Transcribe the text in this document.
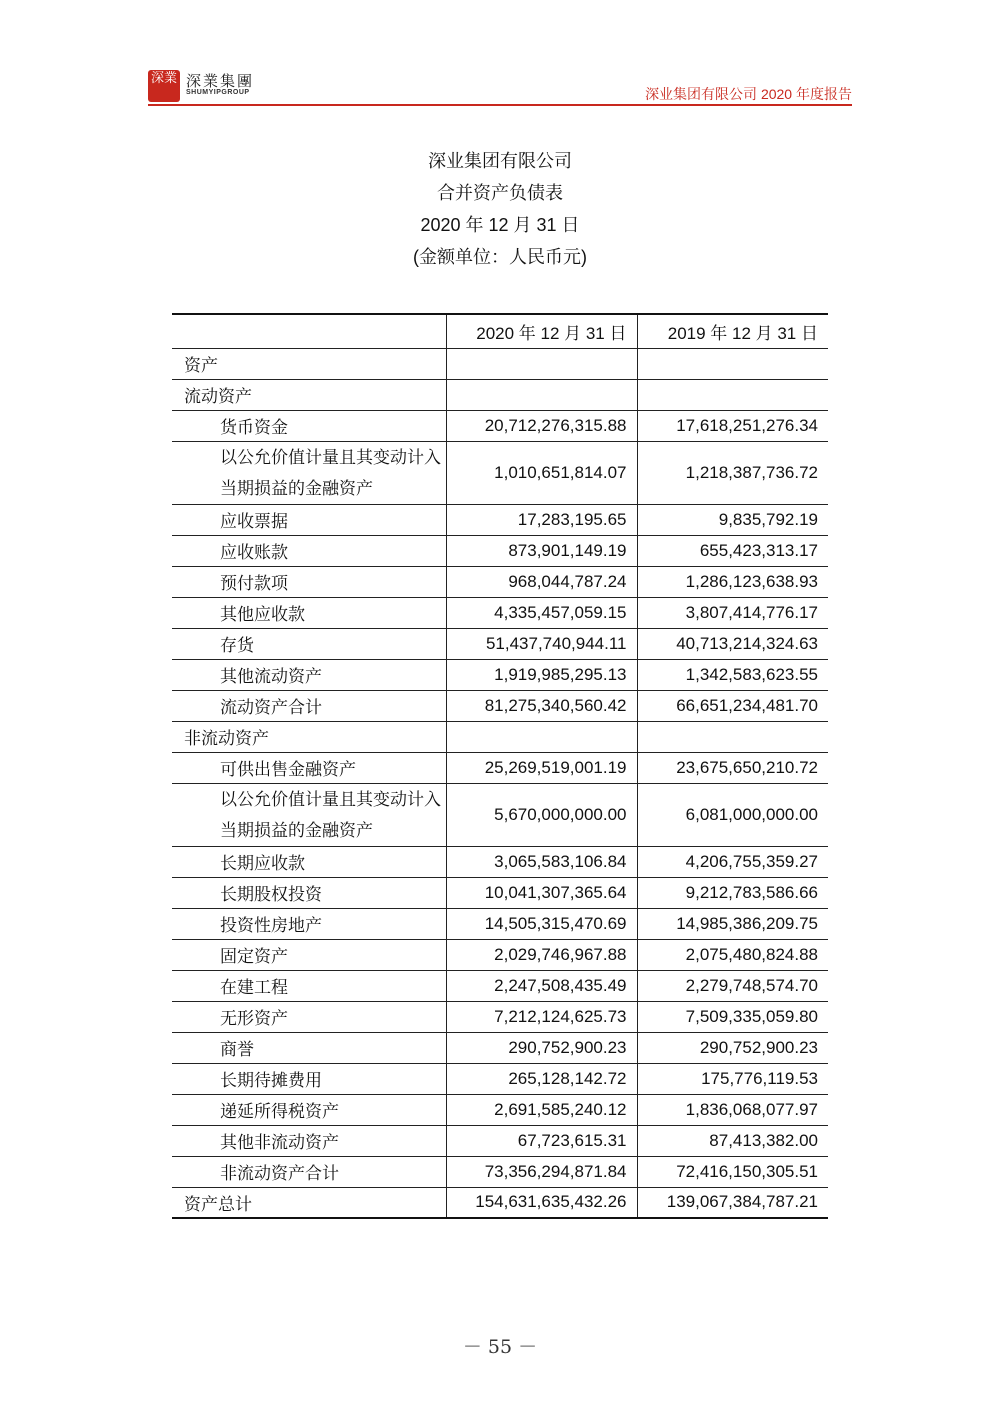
深業 深業集團
SHUMYIPGROUP	深业集团有限公司 2020 年度报告
深业集团有限公司
合并资产负债表
2020 年 12 月 31 日
(金额单位：人民币元)
	2020 年 12 月 31 日	2019 年 12 月 31 日
资产		
流动资产		
货币资金	20,712,276,315.88	17,618,251,276.34
以公允价值计量且其变动计入当期损益的金融资产	1,010,651,814.07	1,218,387,736.72
应收票据	17,283,195.65	9,835,792.19
应收账款	873,901,149.19	655,423,313.17
预付款项	968,044,787.24	1,286,123,638.93
其他应收款	4,335,457,059.15	3,807,414,776.17
存货	51,437,740,944.11	40,713,214,324.63
其他流动资产	1,919,985,295.13	1,342,583,623.55
流动资产合计	81,275,340,560.42	66,651,234,481.70
非流动资产		
可供出售金融资产	25,269,519,001.19	23,675,650,210.72
以公允价值计量且其变动计入当期损益的金融资产	5,670,000,000.00	6,081,000,000.00
长期应收款	3,065,583,106.84	4,206,755,359.27
长期股权投资	10,041,307,365.64	9,212,783,586.66
投资性房地产	14,505,315,470.69	14,985,386,209.75
固定资产	2,029,746,967.88	2,075,480,824.88
在建工程	2,247,508,435.49	2,279,748,574.70
无形资产	7,212,124,625.73	7,509,335,059.80
商誉	290,752,900.23	290,752,900.23
长期待摊费用	265,128,142.72	175,776,119.53
递延所得税资产	2,691,585,240.12	1,836,068,077.97
其他非流动资产	67,723,615.31	87,413,382.00
非流动资产合计	73,356,294,871.84	72,416,150,305.51
资产总计	154,631,635,432.26	139,067,384,787.21
－ 55 －
